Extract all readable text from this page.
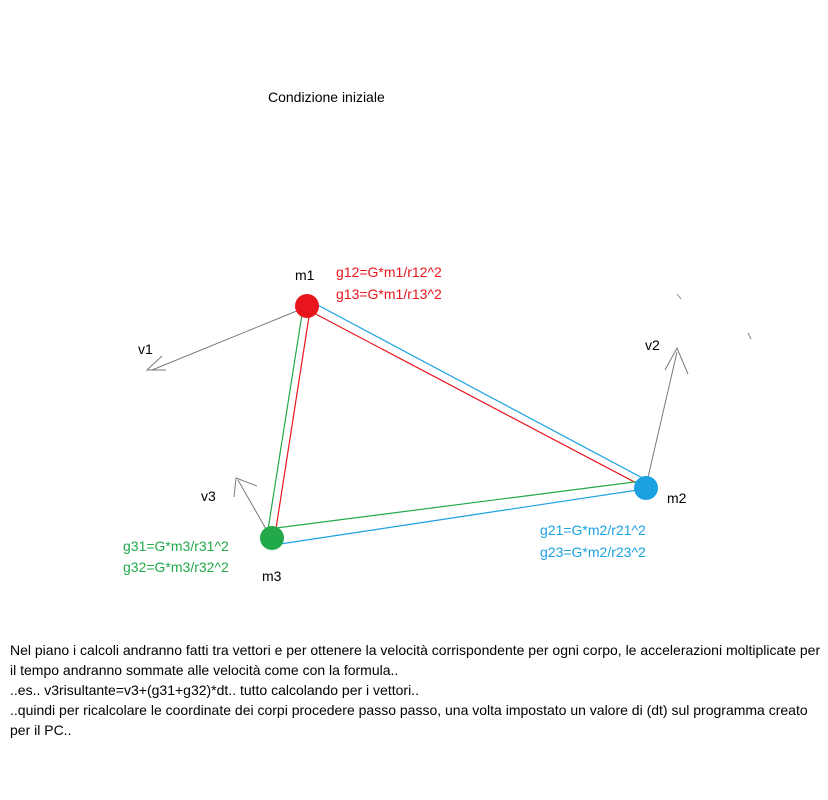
Condizione iniziale
m1
m2
m3
v1	v2
v3
g12=G*m1/r12^2
g13=G*m1/r13^2
g21=G*m2/r21^2
g23=G*m2/r23^2
g31=G*m3/r31^2
g32=G*m3/r32^2
Nel piano i calcoli andranno fatti tra vettori e per ottenere la velocità corrispondente per ogni corpo, le accelerazioni moltiplicate per il tempo andranno sommate alle velocità come con la formula..
..es.. v3risultante=v3+(g31+g32)*dt.. tutto calcolando per i vettori..
..quindi per ricalcolare le coordinate dei corpi procedere passo passo, una volta impostato un valore di (dt) sul programma creato per il PC..
